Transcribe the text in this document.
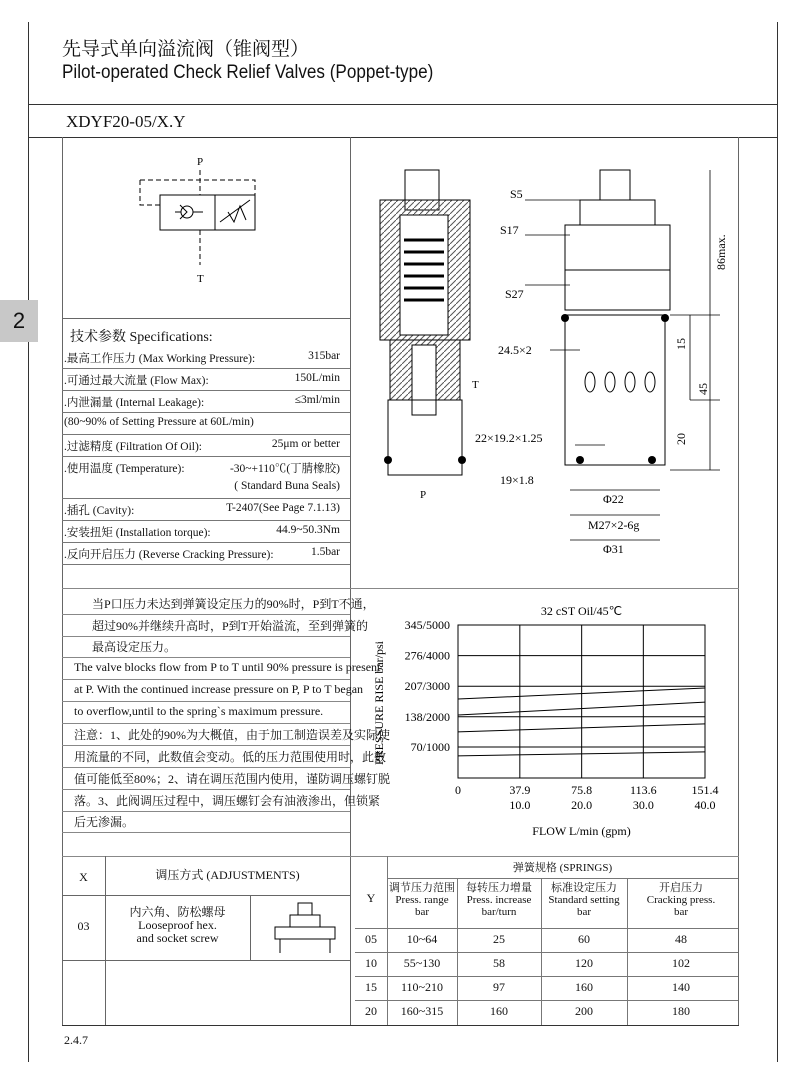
先导式单向溢流阀（锥阀型）
Pilot-operated Check Relief Valves (Poppet-type)
XDYF20-05/X.Y
2
P
T
T
P
S5
S17
S27
24.5×2
22×19.2×1.25
19×1.8
Φ22
M27×2-6g
Φ31
86max.
15
45
20
技术参数 Specifications:
32 cST Oil/45℃
FLOW L/min (gpm)
PRESSURE RISE bar/psi
0	37.9
10.0
75.8
20.0
113.6
30.0
151.4
40.0
70/1000
138/2000
207/3000
276/4000
345/5000
X	调压方式 (ADJUSTMENTS)
03
内六角、防松螺母
Looseproof hex.
and socket screw
2.4.7
.最高工作压力 (Max Working Pressure):	315bar
.可通过最大流量 (Flow Max):	150L/min
.内泄漏量 (Internal Leakage):	≤3ml/min
(80~90% of Setting Pressure at 60L/min)
.过滤精度 (Filtration Of Oil):	25μm or better
.使用温度 (Temperature):	-30~+110℃(丁腈橡胶)
( Standard Buna Seals)
.插孔 (Cavity):	T-2407(See Page 7.1.13)
.安装扭矩 (Installation torque):	44.9~50.3Nm
.反向开启压力 (Reverse Cracking Pressure):	1.5bar
当P口压力未达到弹簧设定压力的90%时，P到T不通，
超过90%并继续升高时，P到T开始溢流，至到弹簧的
最高设定压力。
The valve blocks flow from P to T until 90% pressure is present
at P. With the continued increase pressure on P, P to T began
to overflow,until to the spring`s maximum pressure.
注意：1、此处的90%为大概值，由于加工制造误差及实际使
用流量的不同，此数值会变动。低的压力范围使用时，此数
值可能低至80%；2、请在调压范围内使用，谨防调压螺钉脱
落。3、此阀调压过程中，调压螺钉会有油液渗出，但锁紧
后无渗漏。
弹簧规格 (SPRINGS)
Y
调节压力范围
Press. range
bar
每转压力增量
Press. increase
bar/turn
标准设定压力
Standard setting
bar
开启压力
Cracking press.
bar
05	10~64	25	60	48
10	55~130	58	120	102
15	110~210	97	160	140
20	160~315	160	200	180
